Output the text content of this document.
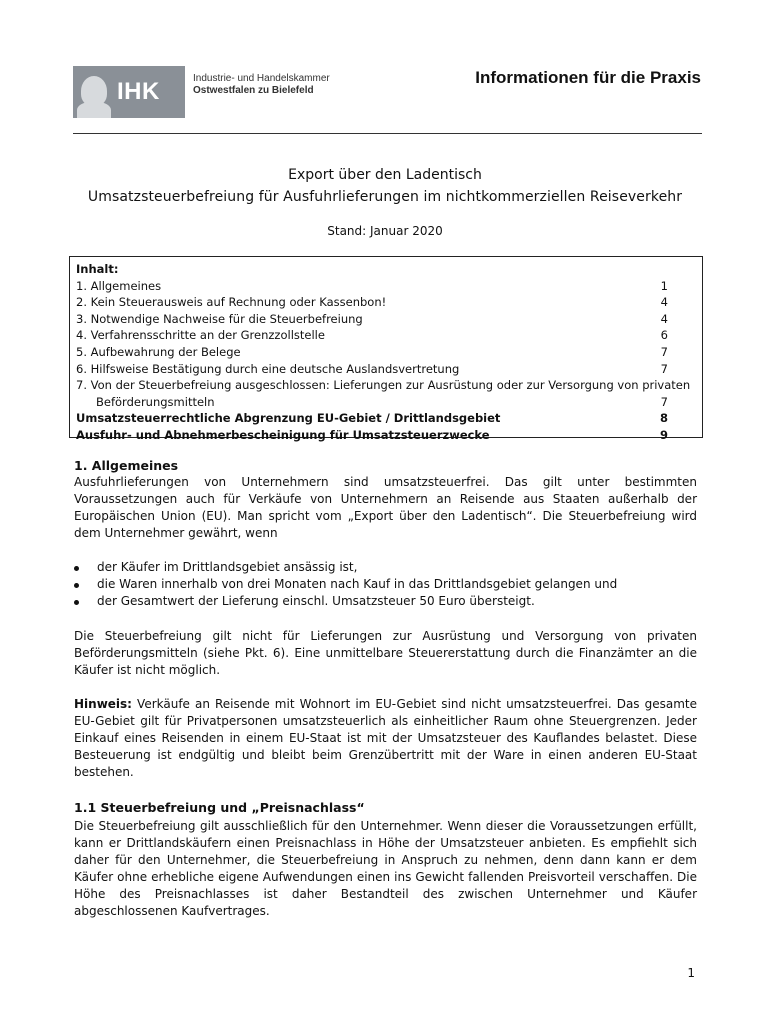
IHK	Industrie- und Handelskammer
Ostwestfalen zu Bielefeld
Informationen für die Praxis
Export über den Ladentisch
Umsatzsteuerbefreiung für Ausfuhrlieferungen im nichtkommerziellen Reiseverkehr
Stand: Januar 2020
Inhalt:
1. Allgemeines	1
2. Kein Steuerausweis auf Rechnung oder Kassenbon!	4
3. Notwendige Nachweise für die Steuerbefreiung	4
4. Verfahrensschritte an der Grenzzollstelle	6
5. Aufbewahrung der Belege	7
6. Hilfsweise Bestätigung durch eine deutsche Auslandsvertretung	7
7. Von der Steuerbefreiung ausgeschlossen: Lieferungen zur Ausrüstung oder zur Versorgung von privaten
Beförderungsmitteln	7
Umsatzsteuerrechtliche Abgrenzung EU-Gebiet / Drittlandsgebiet	8
Ausfuhr- und Abnehmerbescheinigung für Umsatzsteuerzwecke	9
1. Allgemeines
Ausfuhrlieferungen von Unternehmern sind umsatzsteuerfrei. Das gilt unter bestimmten Voraussetzungen auch für Verkäufe von Unternehmern an Reisende aus Staaten außerhalb der Europäischen Union (EU). Man spricht vom „Export über den Ladentisch“. Die Steuerbefreiung wird dem Unternehmer gewährt, wenn
der Käufer im Drittlandsgebiet ansässig ist,
die Waren innerhalb von drei Monaten nach Kauf in das Drittlandsgebiet gelangen und
der Gesamtwert der Lieferung einschl. Umsatzsteuer 50 Euro übersteigt.
Die Steuerbefreiung gilt nicht für Lieferungen zur Ausrüstung und Versorgung von privaten Beförderungsmitteln (siehe Pkt. 6). Eine unmittelbare Steuererstattung durch die Finanzämter an die Käufer ist nicht möglich.
Hinweis: Verkäufe an Reisende mit Wohnort im EU-Gebiet sind nicht umsatzsteuerfrei. Das gesamte EU-Gebiet gilt für Privatpersonen umsatzsteuerlich als einheitlicher Raum ohne Steuergrenzen. Jeder Einkauf eines Reisenden in einem EU-Staat ist mit der Umsatzsteuer des Kauflandes belastet. Diese Besteuerung ist endgültig und bleibt beim Grenzübertritt mit der Ware in einen anderen EU-Staat bestehen.
1.1 Steuerbefreiung und „Preisnachlass“
Die Steuerbefreiung gilt ausschließlich für den Unternehmer. Wenn dieser die Voraussetzungen erfüllt, kann er Drittlandskäufern einen Preisnachlass in Höhe der Umsatzsteuer anbieten. Es empfiehlt sich daher für den Unternehmer, die Steuerbefreiung in Anspruch zu nehmen, denn dann kann er dem Käufer ohne erhebliche eigene Aufwendungen einen ins Gewicht fallenden Preisvorteil verschaffen. Die Höhe des Preisnachlasses ist daher Bestandteil des zwischen Unternehmer und Käufer abgeschlossenen Kaufvertrages.
1
